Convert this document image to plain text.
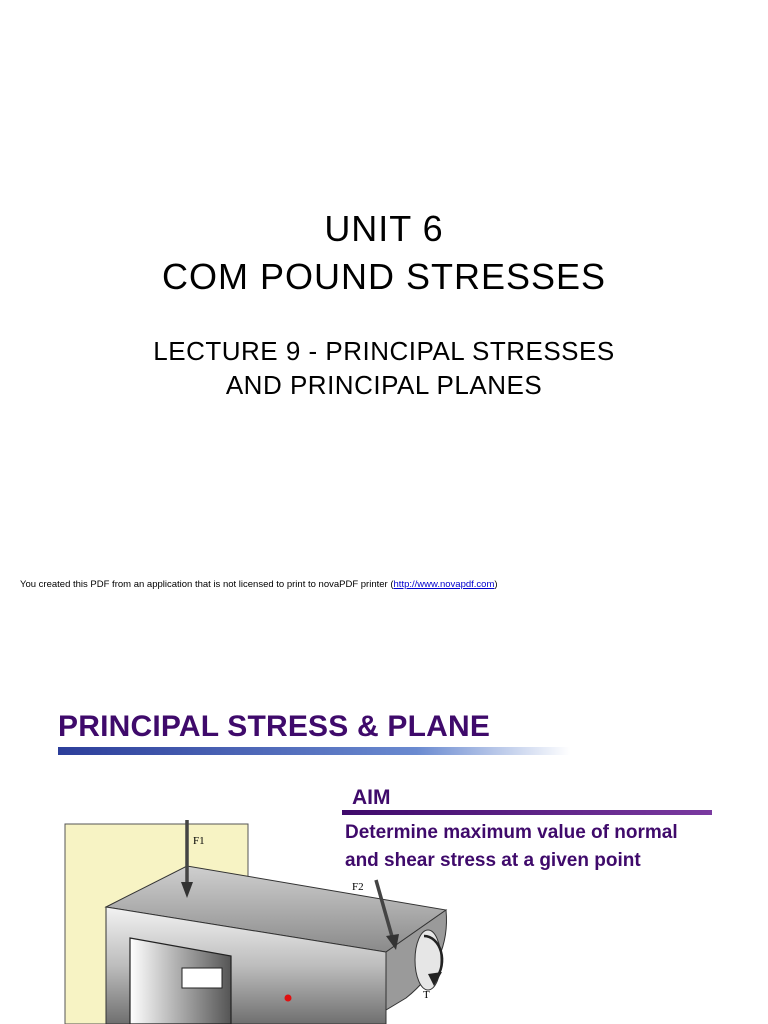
UNIT 6
COM POUND STRESSES
LECTURE 9 - PRINCIPAL STRESSES
AND PRINCIPAL PLANES
You created this PDF from an application that is not licensed to print to novaPDF printer (http://www.novapdf.com)
F1
F2
T
PRINCIPAL STRESS & PLANE
AIM
Determine maximum value of normal
and shear stress at a given point
